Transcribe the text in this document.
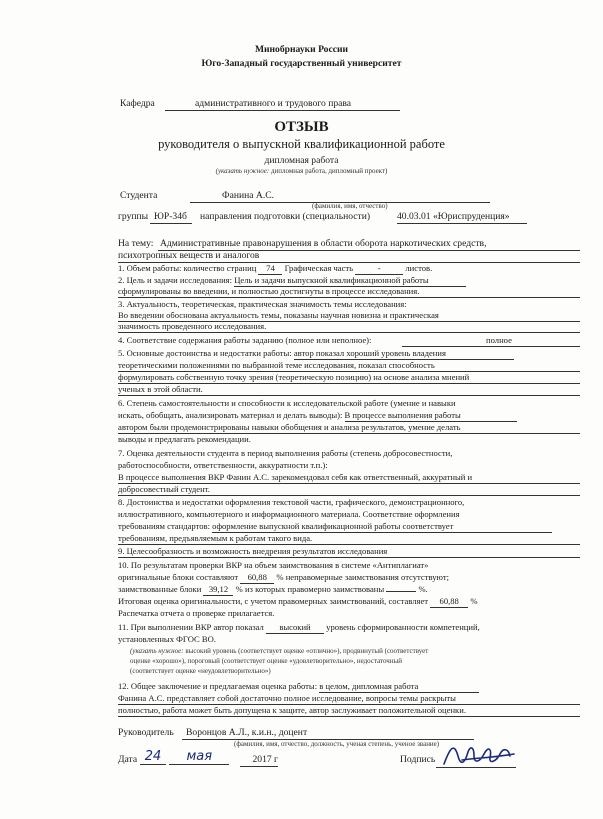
Минобрнауки России
Юго-Западный государственный университет
Кафедра	административного и трудового права
ОТЗЫВ
руководителя о выпускной квалификационной работе
дипломная работа
(указать нужное: дипломная работа, дипломный проект)
Студента	Фанина А.С.
(фамилия, имя, отчество)
группы ЮР-34б	направления подготовки (специальности)	40.03.01 «Юриспруденция»
На тему: Административные правонарушения в области оборота наркотических средств,
психотропных веществ и аналогов
1. Объем работы: количество страниц 74 Графическая часть	-	листов.
2. Цель и задачи исследования: Цель и задачи выпускной квалификационной работы
сформулированы во введении, и полностью достигнуты в процессе исследования.
3. Актуальность, теоретическая, практическая значимость темы исследования:
Во введении обоснована актуальность темы, показаны научная новизна и практическая
значимость проведенного исследования.
4. Соответствие содержания работы заданию (полное или неполное):	полное
5. Основные достоинства и недостатки работы: автор показал хороший уровень владения
теоретическими положениями по выбранной теме исследования, показал способность
формулировать собственную точку зрения (теоретическую позицию) на основе анализа мнений
ученых в этой области.
6. Степень самостоятельности и способности к исследовательской работе (умение и навыки
искать, обобщать, анализировать материал и делать выводы): В процессе выполнения работы
автором были продемонстрированы навыки обобщения и анализа результатов, умение делать
выводы и предлагать рекомендации.
7. Оценка деятельности студента в период выполнения работы (степень добросовестности,
работоспособности, ответственности, аккуратности т.п.):
В процессе выполнения ВКР Фанин А.С. зарекомендовал себя как ответственный, аккуратный и
добросовестный студент.
8. Достоинства и недостатки оформления текстовой части, графического, демонстрационного,
иллюстративного, компьютерного и информационного материала. Соответствие оформления
требованиям стандартов: оформление выпускной квалификационной работы соответствует
требованиям, предъявляемым к работам такого вида.
9. Целесообразность и возможность внедрения результатов исследования
10. По результатам проверки ВКР на объем заимствования в системе «Антиплагиат»
оригинальные блоки составляют 60,88 % неправомерные заимствования отсутствуют;
заимствованные блоки 39,12 % из которых правомерно заимствованы	%.
Итоговая оценка оригинальности, с учетом правомерных заимствований, составляет 60,88 %
Распечатка отчета о проверке прилагается.
11. При выполнении ВКР автор показал высокий уровень сформированности компетенций,
установленных ФГОС ВО.
(указать нужное: высокий уровень (соответствует оценке «отлично»), продвинутый (соответствует
оценке «хорошо»), пороговый (соответствует оценке «удовлетворительно», недостаточный
(соответствует оценке «неудовлетворительно»)
12. Общее заключение и предлагаемая оценка работы: в целом, дипломная работа
Фанина А.С. представляет собой достаточно полное исследование, вопросы темы раскрыты
полностью, работа может быть допущена к защите, автор заслуживает положительной оценки.
Руководитель	Воронцов А.Л., к.и.н., доцент
(фамилия, имя, отчество, должность, ученая степень, ученое звание)
Дата 24 мая	2017 г	Подпись
